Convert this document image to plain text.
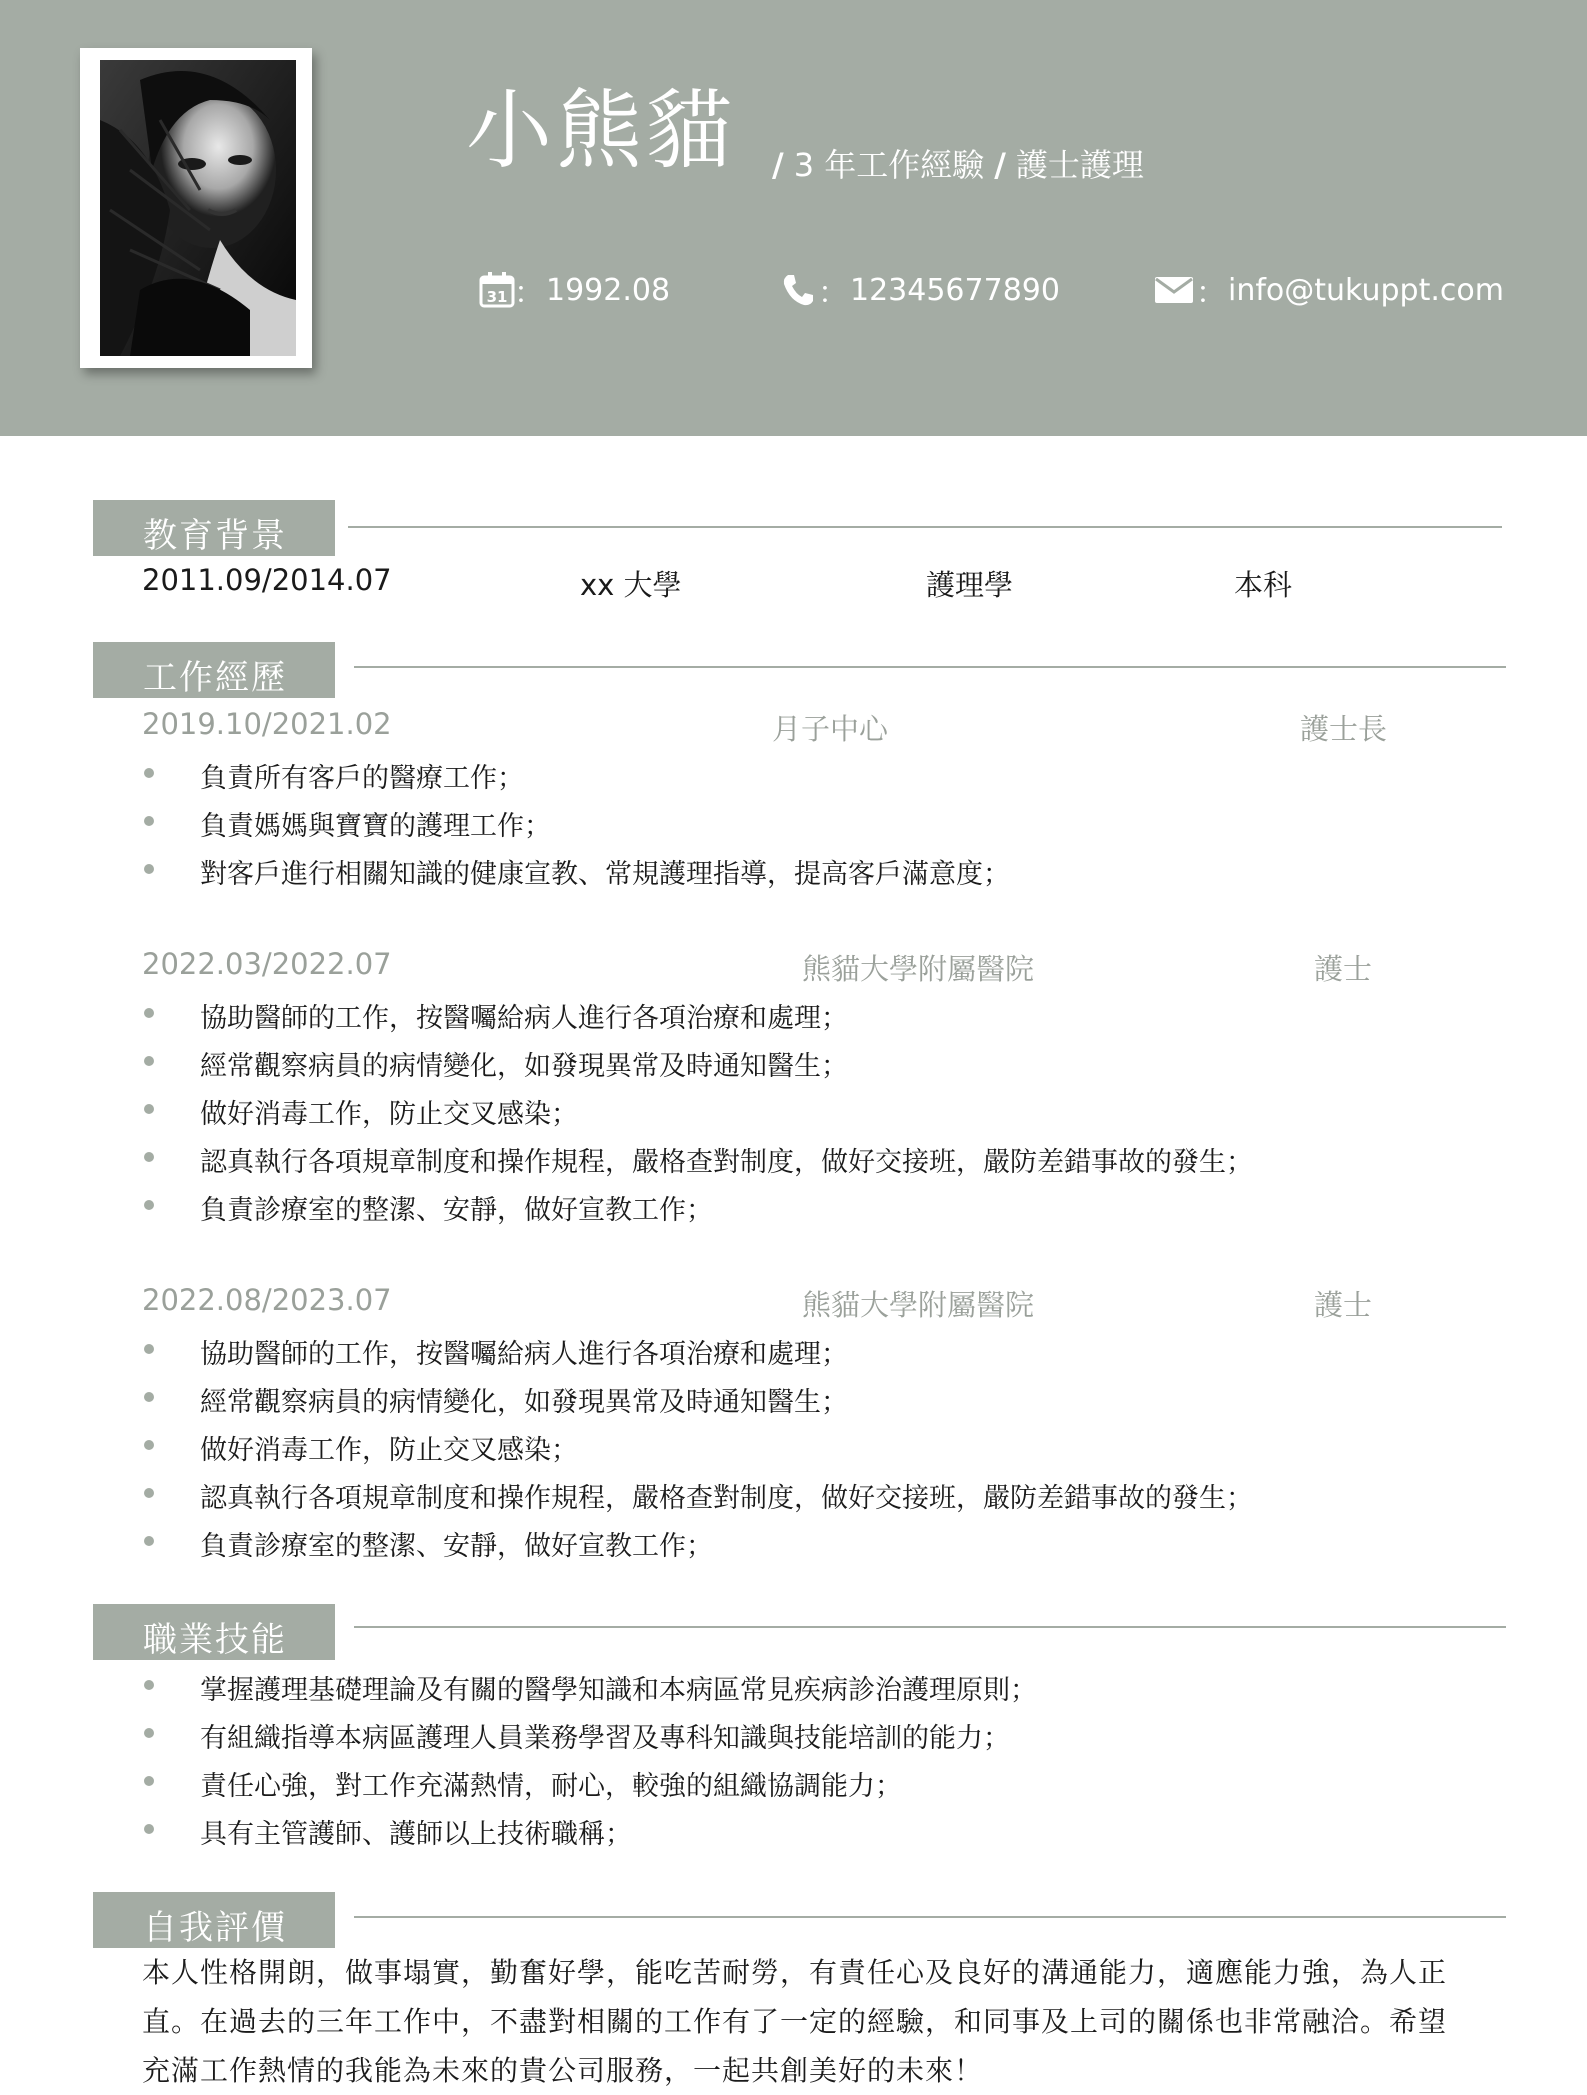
小熊貓	/ 3 年工作經驗 / 護士護理
31 ： 1992.08	： 12345677890	： info@tukuppt.com
教育背景
2011.09/2014.07	xx 大學	護理學	本科
工作經歷
2019.10/2021.02	月子中心	護士長
負責所有客戶的醫療工作；
負責媽媽與寶寶的護理工作；
對客戶進行相關知識的健康宣教、常規護理指導，提高客戶滿意度；
2022.03/2022.07	熊貓大學附屬醫院	護士
協助醫師的工作，按醫囑給病人進行各項治療和處理；
經常觀察病員的病情變化，如發現異常及時通知醫生；
做好消毒工作，防止交叉感染；
認真執行各項規章制度和操作規程，嚴格查對制度，做好交接班，嚴防差錯事故的發生；
負責診療室的整潔、安靜，做好宣教工作；
2022.08/2023.07	熊貓大學附屬醫院	護士
協助醫師的工作，按醫囑給病人進行各項治療和處理；
經常觀察病員的病情變化，如發現異常及時通知醫生；
做好消毒工作，防止交叉感染；
認真執行各項規章制度和操作規程，嚴格查對制度，做好交接班，嚴防差錯事故的發生；
負責診療室的整潔、安靜，做好宣教工作；
職業技能
掌握護理基礎理論及有關的醫學知識和本病區常見疾病診治護理原則；
有組織指導本病區護理人員業務學習及專科知識與技能培訓的能力；
責任心強，對工作充滿熱情，耐心，較強的組織協調能力；
具有主管護師、護師以上技術職稱；
自我評價
本人性格開朗，做事塌實，勤奮好學，能吃苦耐勞，有責任心及良好的溝通能力，適應能力強，為人正直。在過去的三年工作中，不盡對相關的工作有了一定的經驗，和同事及上司的關係也非常融洽。希望充滿工作熱情的我能為未來的貴公司服務，一起共創美好的未來！
